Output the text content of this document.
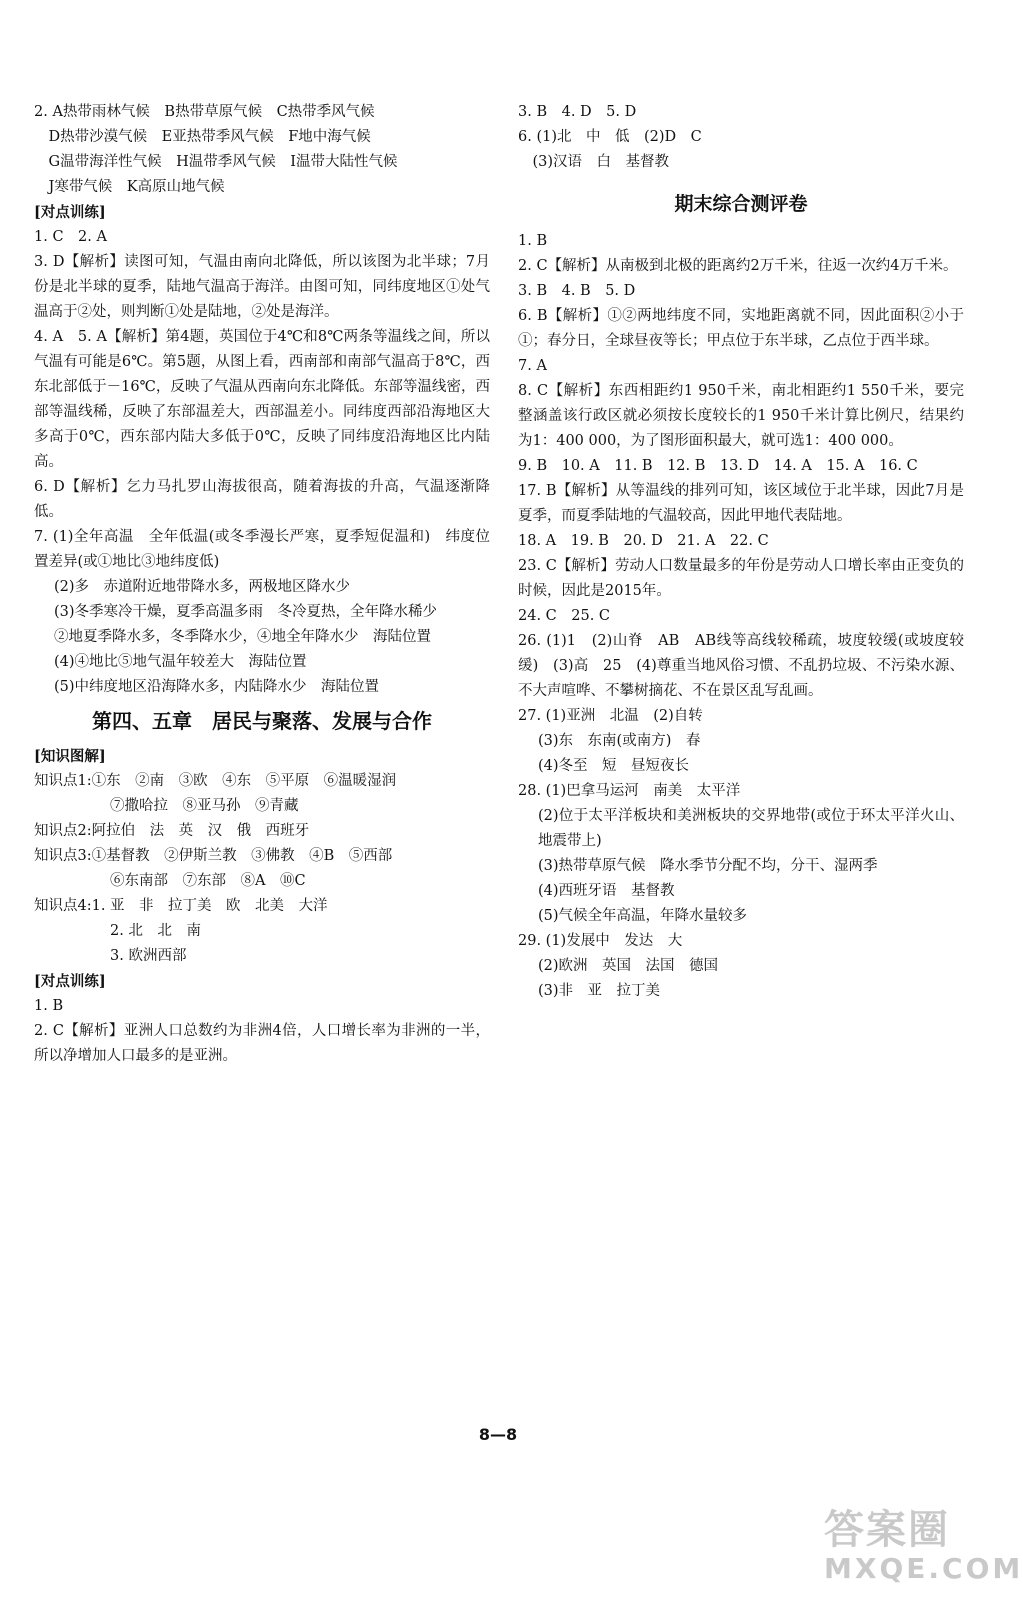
2. A热带雨林气候　B热带草原气候　C热带季风气候
　D热带沙漠气候　E亚热带季风气候　F地中海气候
　G温带海洋性气候　H温带季风气候　I温带大陆性气候
　J寒带气候　K高原山地气候
[对点训练]
1. C　2. A
3. D【解析】读图可知，气温由南向北降低，所以该图为北半球；7月份是北半球的夏季，陆地气温高于海洋。由图可知，同纬度地区①处气温高于②处，则判断①处是陆地，②处是海洋。
4. A　5. A【解析】第4题，英国位于4℃和8℃两条等温线之间，所以气温有可能是6℃。第5题，从图上看，西南部和南部气温高于8℃，西东北部低于－16℃，反映了气温从西南向东北降低。东部等温线密，西部等温线稀，反映了东部温差大，西部温差小。同纬度西部沿海地区大多高于0℃，西东部内陆大多低于0℃，反映了同纬度沿海地区比内陆高。
6. D【解析】乞力马扎罗山海拔很高，随着海拔的升高，气温逐渐降低。
7. (1)全年高温　全年低温(或冬季漫长严寒，夏季短促温和)　纬度位置差异(或①地比③地纬度低)
(2)多　赤道附近地带降水多，两极地区降水少
(3)冬季寒冷干燥，夏季高温多雨　冬冷夏热，全年降水稀少
②地夏季降水多，冬季降水少，④地全年降水少　海陆位置
(4)④地比⑤地气温年较差大　海陆位置
(5)中纬度地区沿海降水多，内陆降水少　海陆位置
第四、五章　居民与聚落、发展与合作
[知识图解]
知识点1:①东　②南　③欧　④东　⑤平原　⑥温暖湿润
⑦撒哈拉　⑧亚马孙　⑨青藏
知识点2:阿拉伯　法　英　汉　俄　西班牙
知识点3:①基督教　②伊斯兰教　③佛教　④B　⑤西部
⑥东南部　⑦东部　⑧A　⑩C
知识点4:1. 亚　非　拉丁美　欧　北美　大洋
2. 北　北　南
3. 欧洲西部
[对点训练]
1. B
2. C【解析】亚洲人口总数约为非洲4倍，人口增长率为非洲的一半，所以净增加人口最多的是亚洲。
3. B　4. D　5. D
6. (1)北　中　低　(2)D　C
　(3)汉语　白　基督教
期末综合测评卷
1. B
2. C【解析】从南极到北极的距离约2万千米，往返一次约4万千米。
3. B　4. B　5. D
6. B【解析】①②两地纬度不同，实地距离就不同，因此面积②小于①；春分日，全球昼夜等长；甲点位于东半球，乙点位于西半球。
7. A
8. C【解析】东西相距约1 950千米，南北相距约1 550千米，要完整涵盖该行政区就必须按长度较长的1 950千米计算比例尺，结果约为1：400 000，为了图形面积最大，就可选1：400 000。
9. B　10. A　11. B　12. B　13. D　14. A　15. A　16. C
17. B【解析】从等温线的排列可知，该区域位于北半球，因此7月是夏季，而夏季陆地的气温较高，因此甲地代表陆地。
18. A　19. B　20. D　21. A　22. C
23. C【解析】劳动人口数量最多的年份是劳动人口增长率由正变负的时候，因此是2015年。
24. C　25. C
26. (1)1　(2)山脊　AB　AB线等高线较稀疏，坡度较缓(或坡度较缓)　(3)高　25　(4)尊重当地风俗习惯、不乱扔垃圾、不污染水源、不大声喧哗、不攀树摘花、不在景区乱写乱画。
27. (1)亚洲　北温　(2)自转
(3)东　东南(或南方)　春
(4)冬至　短　昼短夜长
28. (1)巴拿马运河　南美　太平洋
(2)位于太平洋板块和美洲板块的交界地带(或位于环太平洋火山、地震带上)
(3)热带草原气候　降水季节分配不均，分干、湿两季
(4)西班牙语　基督教
(5)气候全年高温，年降水量较多
29. (1)发展中　发达　大
(2)欧洲　英国　法国　德国
(3)非　亚　拉丁美
8—8
答案圈
MXQE.COM
